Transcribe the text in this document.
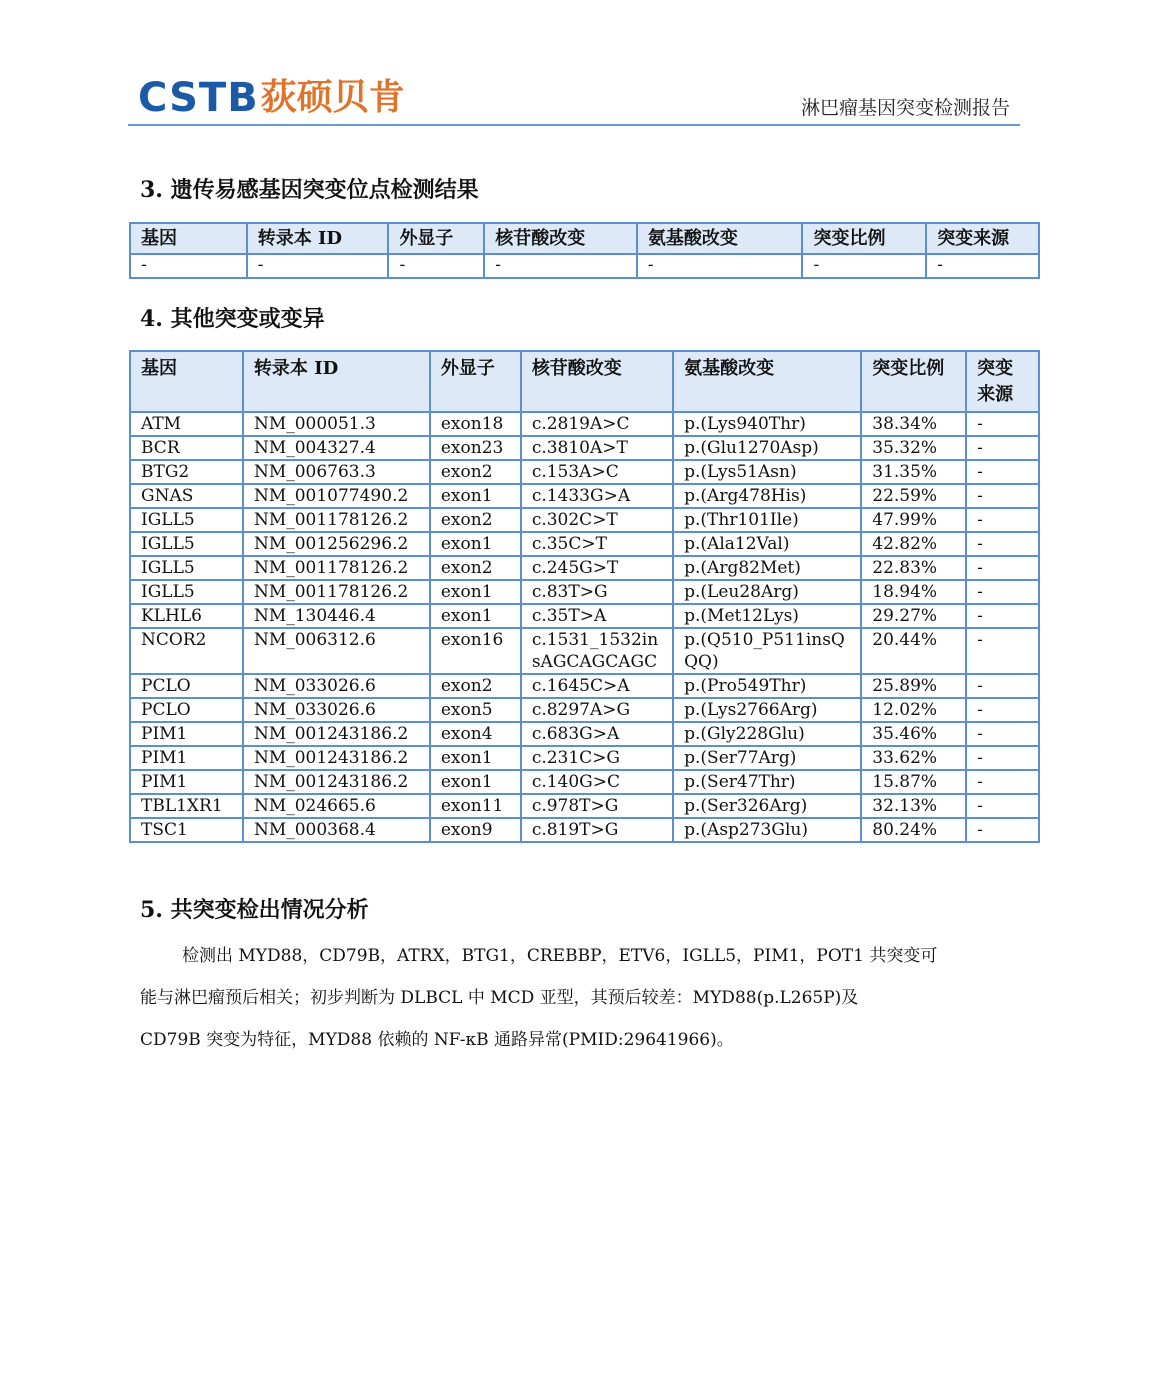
CSTB 荻硕贝肯	淋巴瘤基因突变检测报告
3. 遗传易感基因突变位点检测结果
基因	转录本 ID	外显子	核苷酸改变	氨基酸改变	突变比例	突变来源
-	-	-	-	-	-	-
4. 其他突变或变异
基因	转录本 ID	外显子	核苷酸改变	氨基酸改变	突变比例	突变来源
ATM	NM_000051.3	exon18	c.2819A>C	p.(Lys940Thr)	38.34%	-
BCR	NM_004327.4	exon23	c.3810A>T	p.(Glu1270Asp)	35.32%	-
BTG2	NM_006763.3	exon2	c.153A>C	p.(Lys51Asn)	31.35%	-
GNAS	NM_001077490.2	exon1	c.1433G>A	p.(Arg478His)	22.59%	-
IGLL5	NM_001178126.2	exon2	c.302C>T	p.(Thr101Ile)	47.99%	-
IGLL5	NM_001256296.2	exon1	c.35C>T	p.(Ala12Val)	42.82%	-
IGLL5	NM_001178126.2	exon2	c.245G>T	p.(Arg82Met)	22.83%	-
IGLL5	NM_001178126.2	exon1	c.83T>G	p.(Leu28Arg)	18.94%	-
KLHL6	NM_130446.4	exon1	c.35T>A	p.(Met12Lys)	29.27%	-
NCOR2	NM_006312.6	exon16	c.1531_1532insAGCAGCAGC	p.(Q510_P511insQQQ)	20.44%	-
PCLO	NM_033026.6	exon2	c.1645C>A	p.(Pro549Thr)	25.89%	-
PCLO	NM_033026.6	exon5	c.8297A>G	p.(Lys2766Arg)	12.02%	-
PIM1	NM_001243186.2	exon4	c.683G>A	p.(Gly228Glu)	35.46%	-
PIM1	NM_001243186.2	exon1	c.231C>G	p.(Ser77Arg)	33.62%	-
PIM1	NM_001243186.2	exon1	c.140G>C	p.(Ser47Thr)	15.87%	-
TBL1XR1	NM_024665.6	exon11	c.978T>G	p.(Ser326Arg)	32.13%	-
TSC1	NM_000368.4	exon9	c.819T>G	p.(Asp273Glu)	80.24%	-
5. 共突变检出情况分析

检测出 MYD88，CD79B，ATRX，BTG1，CREBBP，ETV6，IGLL5，PIM1，POT1 共突变可

能与淋巴瘤预后相关；初步判断为 DLBCL 中 MCD 亚型，其预后较差：MYD88(p.L265P)及

CD79B 突变为特征，MYD88 依赖的 NF-κB 通路异常(PMID:29641966)。
